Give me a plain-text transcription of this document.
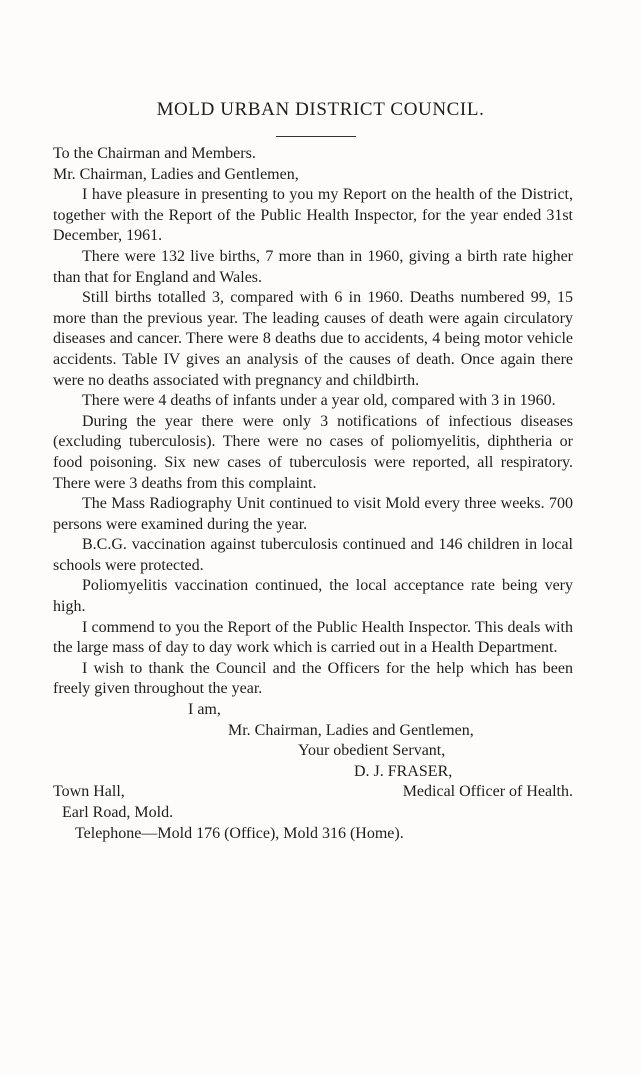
MOLD URBAN DISTRICT COUNCIL.

To the Chairman and Members.

Mr. Chairman, Ladies and Gentlemen,

I have pleasure in presenting to you my Report on the health of the District, together with the Report of the Public Health Inspector, for the year ended 31st December, 1961.

There were 132 live births, 7 more than in 1960, giving a birth rate higher than that for England and Wales.

Still births totalled 3, compared with 6 in 1960. Deaths numbered 99, 15 more than the previous year. The leading causes of death were again circulatory diseases and cancer. There were 8 deaths due to accidents, 4 being motor vehicle accidents. Table IV gives an analysis of the causes of death. Once again there were no deaths associated with pregnancy and childbirth.

There were 4 deaths of infants under a year old, compared with 3 in 1960.

During the year there were only 3 notifications of infectious diseases (excluding tuberculosis). There were no cases of poliomyelitis, diphtheria or food poisoning. Six new cases of tuberculosis were reported, all respiratory. There were 3 deaths from this complaint.

The Mass Radiography Unit continued to visit Mold every three weeks. 700 persons were examined during the year.

B.C.G. vaccination against tuberculosis continued and 146 children in local schools were protected.

Poliomyelitis vaccination continued, the local acceptance rate being very high.

I commend to you the Report of the Public Health Inspector. This deals with the large mass of day to day work which is carried out in a Health Department.

I wish to thank the Council and the Officers for the help which has been freely given throughout the year.

I am,

Mr. Chairman, Ladies and Gentlemen,

Your obedient Servant,

D. J. FRASER,

Town Hall,	Medical Officer of Health.

Earl Road, Mold.

Telephone—Mold 176 (Office), Mold 316 (Home).
